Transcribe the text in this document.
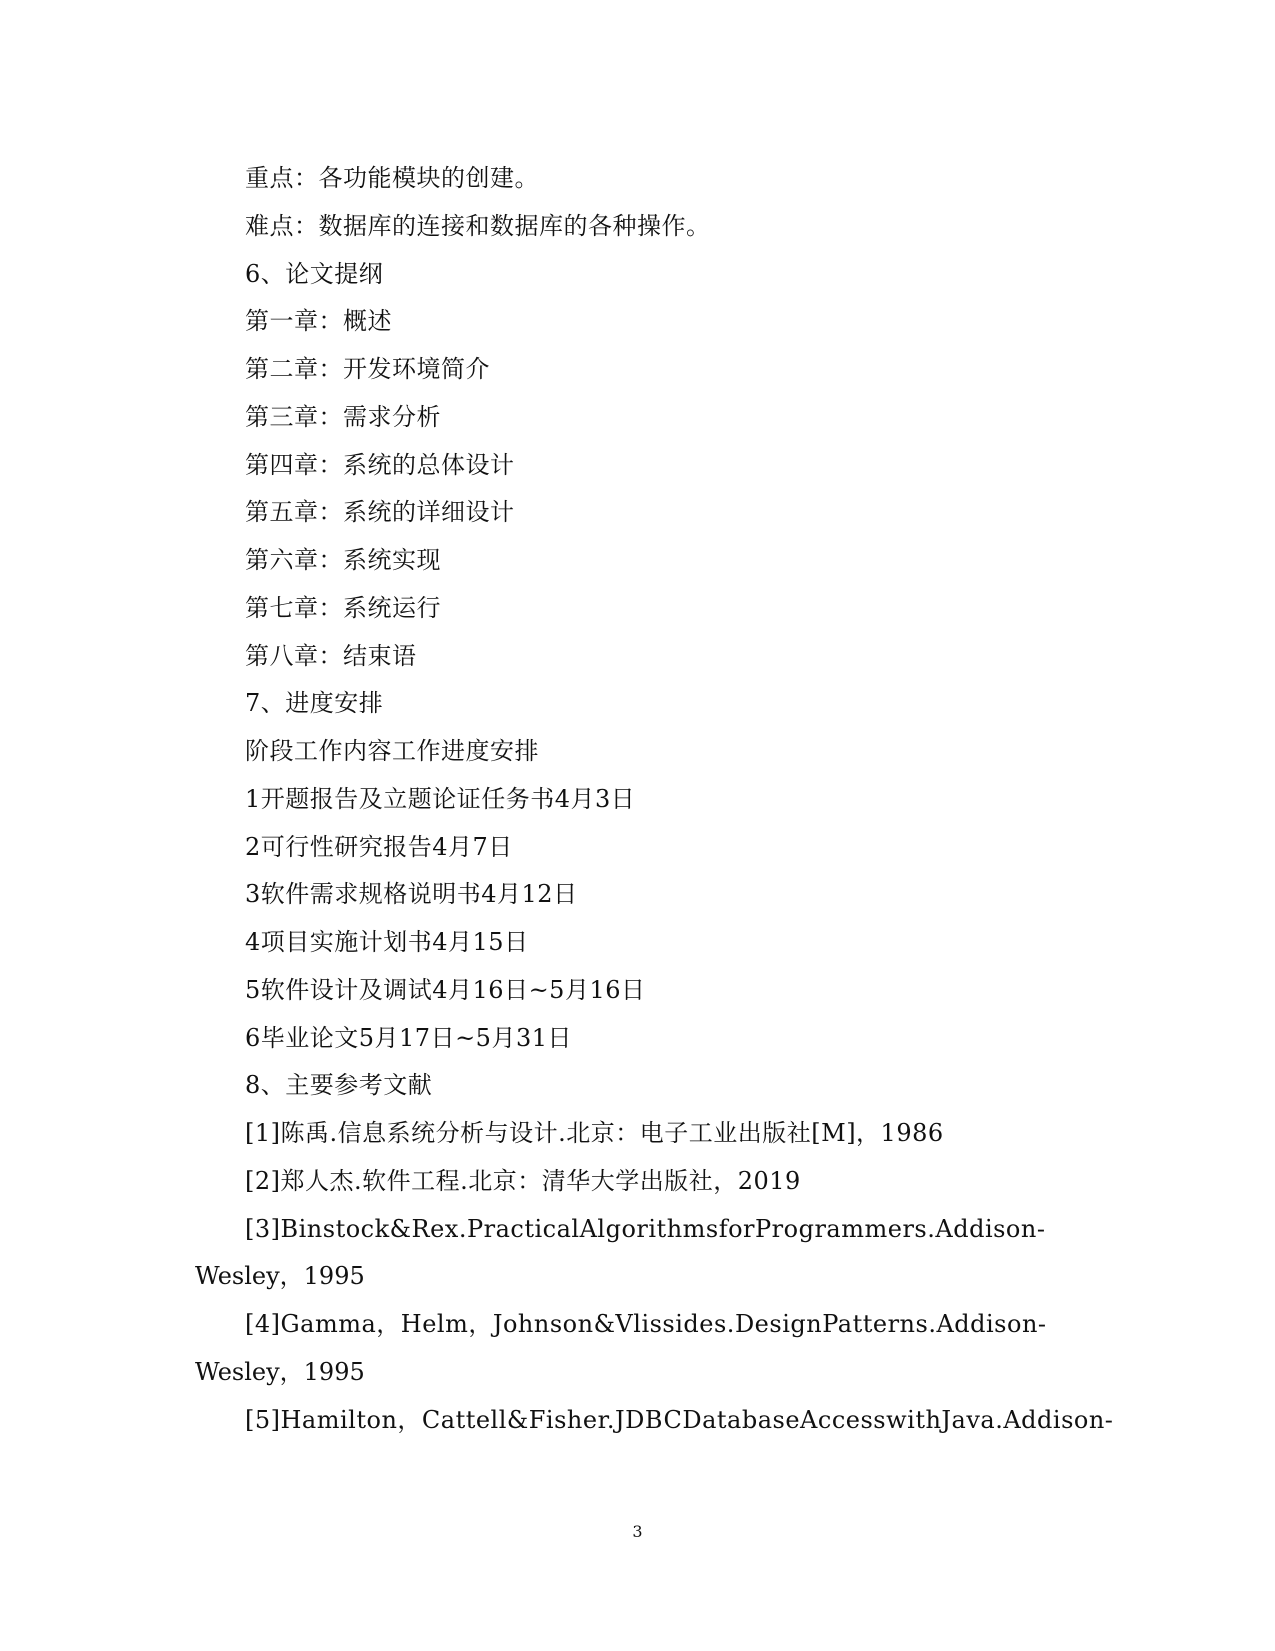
重点：各功能模块的创建。
难点：数据库的连接和数据库的各种操作。
6、论文提纲
第一章：概述
第二章：开发环境简介
第三章：需求分析
第四章：系统的总体设计
第五章：系统的详细设计
第六章：系统实现
第七章：系统运行
第八章：结束语
7、进度安排
阶段工作内容工作进度安排
1开题报告及立题论证任务书4月3日
2可行性研究报告4月7日
3软件需求规格说明书4月12日
4项目实施计划书4月15日
5软件设计及调试4月16日~5月16日
6毕业论文5月17日~5月31日
8、主要参考文献
[1]陈禹.信息系统分析与设计.北京：电子工业出版社[M]，1986
[2]郑人杰.软件工程.北京：清华大学出版社，2019
[3]Binstock&Rex.PracticalAlgorithmsforProgrammers.Addison-
Wesley，1995
[4]Gamma，Helm，Johnson&Vlissides.DesignPatterns.Addison-
Wesley，1995
[5]Hamilton，Cattell&Fisher.JDBCDatabaseAccesswithJava.Addison-
3
